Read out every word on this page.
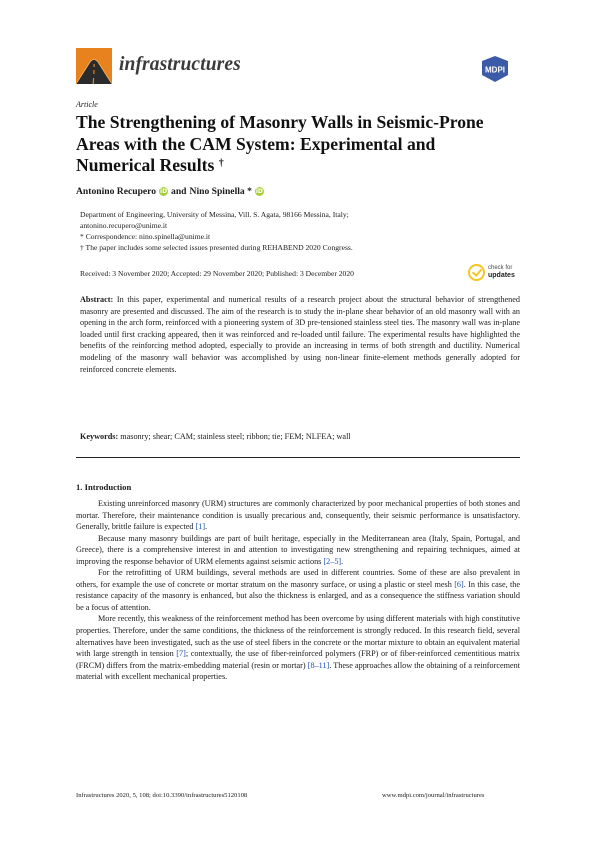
infrastructures	MDPI
Article
The Strengthening of Masonry Walls in Seismic-Prone Areas with the CAM System: Experimental and Numerical Results †
Antonino Recupero iD and Nino Spinella * iD
Department of Engineering, University of Messina, Vill. S. Agata, 98166 Messina, Italy;
antonino.recupero@unime.it
* Correspondence: nino.spinella@unime.it
† The paper includes some selected issues presented during REHABEND 2020 Congress.
Received: 3 November 2020; Accepted: 29 November 2020; Published: 3 December 2020
check for
updates
Abstract: In this paper, experimental and numerical results of a research project about the structural behavior of strengthened masonry are presented and discussed. The aim of the research is to study the in-plane shear behavior of an old masonry wall with an opening in the arch form, reinforced with a pioneering system of 3D pre-tensioned stainless steel ties. The masonry wall was in-plane loaded until first cracking appeared, then it was reinforced and re-loaded until failure. The experimental results have highlighted the benefits of the reinforcing method adopted, especially to provide an increasing in terms of both strength and ductility. Numerical modeling of the masonry wall behavior was accomplished by using non-linear finite-element methods generally adopted for reinforced concrete elements.
Keywords: masonry; shear; CAM; stainless steel; ribbon; tie; FEM; NLFEA; wall
1. Introduction

Existing unreinforced masonry (URM) structures are commonly characterized by poor mechanical properties of both stones and mortar. Therefore, their maintenance condition is usually precarious and, consequently, their seismic performance is unsatisfactory. Generally, brittle failure is expected [1].

Because many masonry buildings are part of built heritage, especially in the Mediterranean area (Italy, Spain, Portugal, and Greece), there is a comprehensive interest in and attention to investigating new strengthening and repairing techniques, aimed at improving the response behavior of URM elements against seismic actions [2–5].

For the retrofitting of URM buildings, several methods are used in different countries. Some of these are also prevalent in others, for example the use of concrete or mortar stratum on the masonry surface, or using a plastic or steel mesh [6]. In this case, the resistance capacity of the masonry is enhanced, but also the thickness is enlarged, and as a consequence the stiffness variation should be a focus of attention.

More recently, this weakness of the reinforcement method has been overcome by using different materials with high constitutive properties. Therefore, under the same conditions, the thickness of the reinforcement is strongly reduced. In this research field, several alternatives have been investigated, such as the use of steel fibers in the concrete or the mortar mixture to obtain an equivalent material with large strength in tension [7]; contextually, the use of fiber-reinforced polymers (FRP) or of fiber-reinforced cementitious matrix (FRCM) differs from the matrix-embedding material (resin or mortar) [8–11]. These approaches allow the obtaining of a reinforcement material with excellent mechanical properties.

Infrastructures 2020, 5, 108; doi:10.3390/infrastructures5120108	www.mdpi.com/journal/infrastructures
